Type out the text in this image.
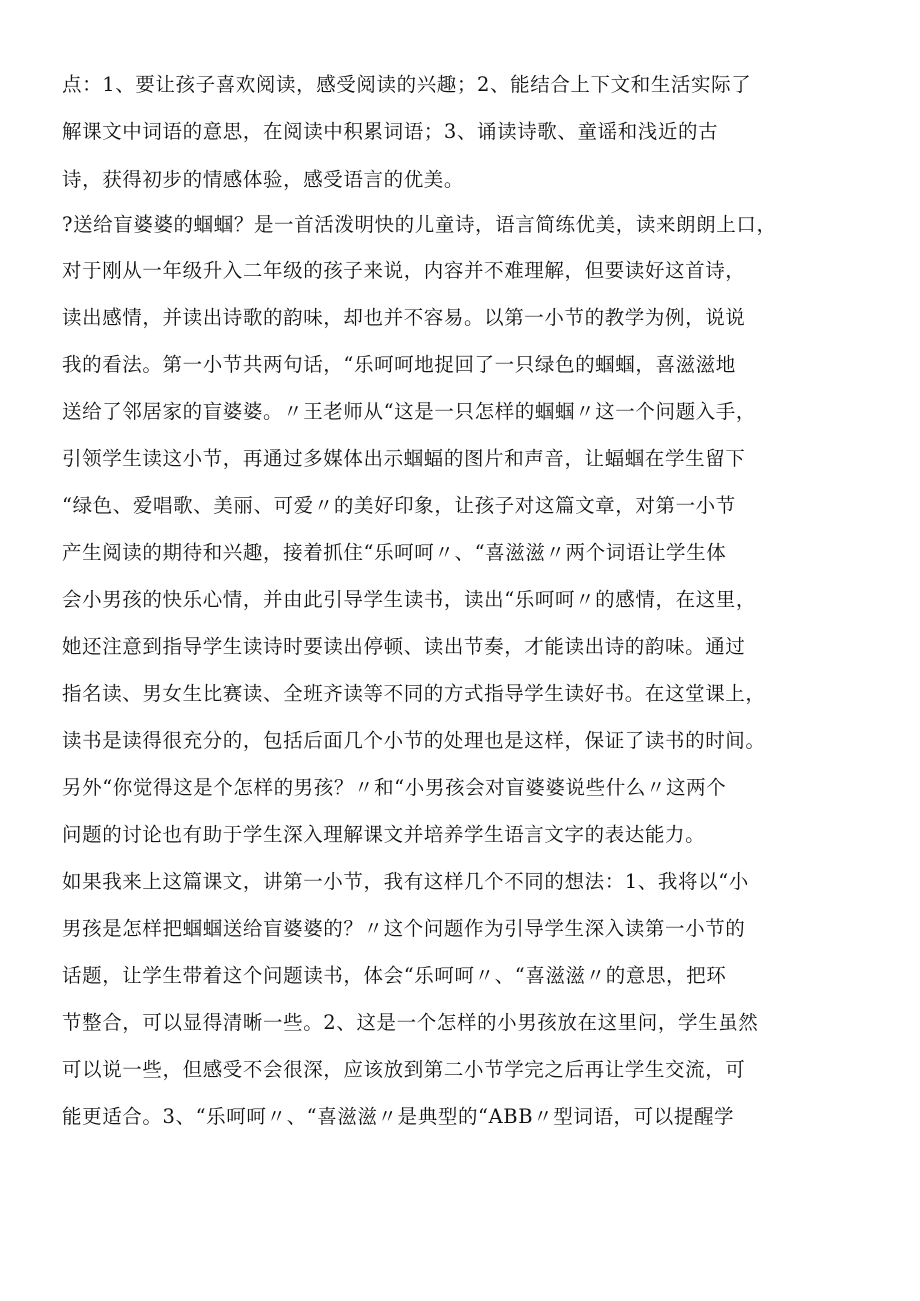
点：1、要让孩子喜欢阅读，感受阅读的兴趣；2、能结合上下文和生活实际了
解课文中词语的意思，在阅读中积累词语；3、诵读诗歌、童谣和浅近的古
诗，获得初步的情感体验，感受语言的优美。
?送给盲婆婆的蝈蝈？是一首活泼明快的儿童诗，语言简练优美，读来朗朗上口，
对于刚从一年级升入二年级的孩子来说，内容并不难理解，但要读好这首诗，
读出感情，并读出诗歌的韵味，却也并不容易。以第一小节的教学为例，说说
我的看法。第一小节共两句话，“乐呵呵地捉回了一只绿色的蝈蝈，喜滋滋地
送给了邻居家的盲婆婆。〃王老师从“这是一只怎样的蝈蝈〃这一个问题入手，
引领学生读这小节，再通过多媒体出示蝈蝠的图片和声音，让蝠蝈在学生留下
“绿色、爱唱歌、美丽、可爱〃的美好印象，让孩子对这篇文章，对第一小节
产生阅读的期待和兴趣，接着抓住“乐呵呵〃、“喜滋滋〃两个词语让学生体
会小男孩的快乐心情，并由此引导学生读书，读出“乐呵呵〃的感情，在这里，
她还注意到指导学生读诗时要读出停顿、读出节奏，才能读出诗的韵味。通过
指名读、男女生比赛读、全班齐读等不同的方式指导学生读好书。在这堂课上，
读书是读得很充分的，包括后面几个小节的处理也是这样，保证了读书的时间。
另外“你觉得这是个怎样的男孩？〃和“小男孩会对盲婆婆说些什么〃这两个
问题的讨论也有助于学生深入理解课文并培养学生语言文字的表达能力。
如果我来上这篇课文，讲第一小节，我有这样几个不同的想法：1、我将以“小
男孩是怎样把蝈蝈送给盲婆婆的？〃这个问题作为引导学生深入读第一小节的
话题，让学生带着这个问题读书，体会“乐呵呵〃、“喜滋滋〃的意思，把环
节整合，可以显得清晰一些。2、这是一个怎样的小男孩放在这里问，学生虽然
可以说一些，但感受不会很深，应该放到第二小节学完之后再让学生交流，可
能更适合。3、“乐呵呵〃、“喜滋滋〃是典型的“ABB〃型词语，可以提醒学
